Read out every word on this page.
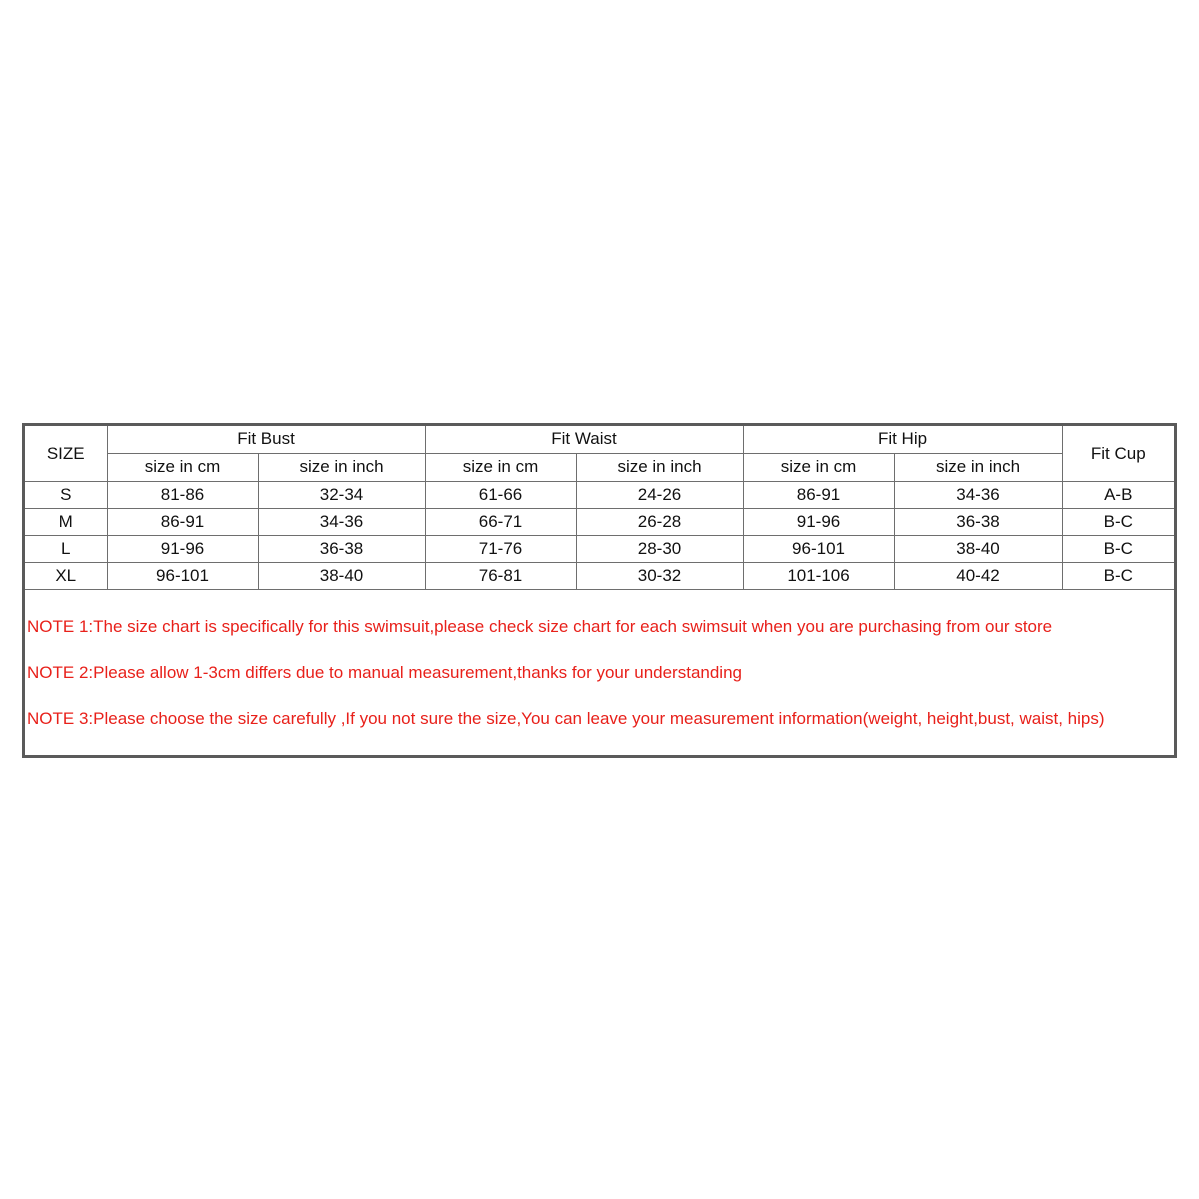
SIZE	Fit Bust		Fit Waist		Fit Hip		Fit Cup
	size in cm	size in inch	size in cm	size in inch	size in cm	size in inch	
S	81-86	32-34	61-66	24-26	86-91	34-36	A-B
M	86-91	34-36	66-71	26-28	91-96	36-38	B-C
L	91-96	36-38	71-76	28-30	96-101	38-40	B-C
XL	96-101	38-40	76-81	30-32	101-106	40-42	B-C
NOTE 1:The size chart is specifically for this swimsuit,please check size chart for each swimsuit when you are purchasing from our store
NOTE 2:Please allow 1-3cm differs due to manual measurement,thanks for your understanding
NOTE 3:Please choose the size carefully ,If you not sure the size,You can leave your measurement information(weight, height,bust, waist, hips)
